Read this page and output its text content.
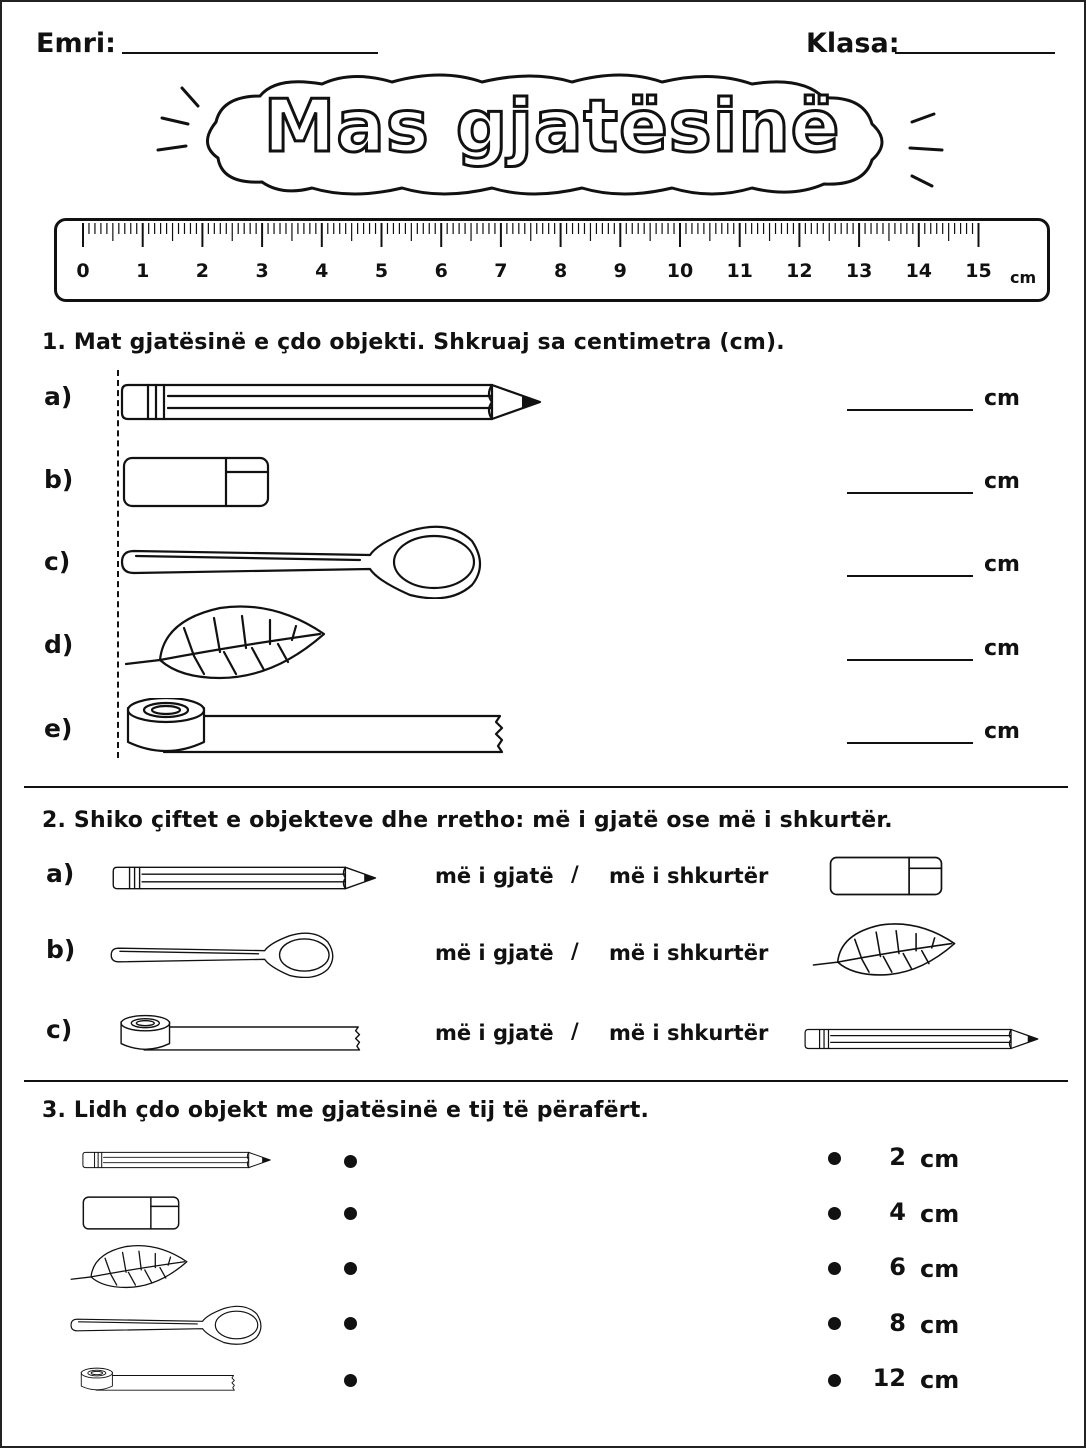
Emri:	Klasa:
Mas gjatësinë
0	1	2	3	4	5	6	7	8	9	10 11 12 13 14 15 cm
1. Mat gjatësinë e çdo objekti. Shkruaj sa centimetra (cm).
a)	cm
b)	cm
c)	cm
d)	cm
e)	cm
2. Shiko çiftet e objekteve dhe rretho: më i gjatë ose më i shkurtër.
a)	më i gjatë / më i shkurtër
b)	më i gjatë / më i shkurtër
c)	më i gjatë / më i shkurtër
3. Lidh çdo objekt me gjatësinë e tij të përafërt.
2 cm
4 cm
6 cm
8 cm
12 cm
